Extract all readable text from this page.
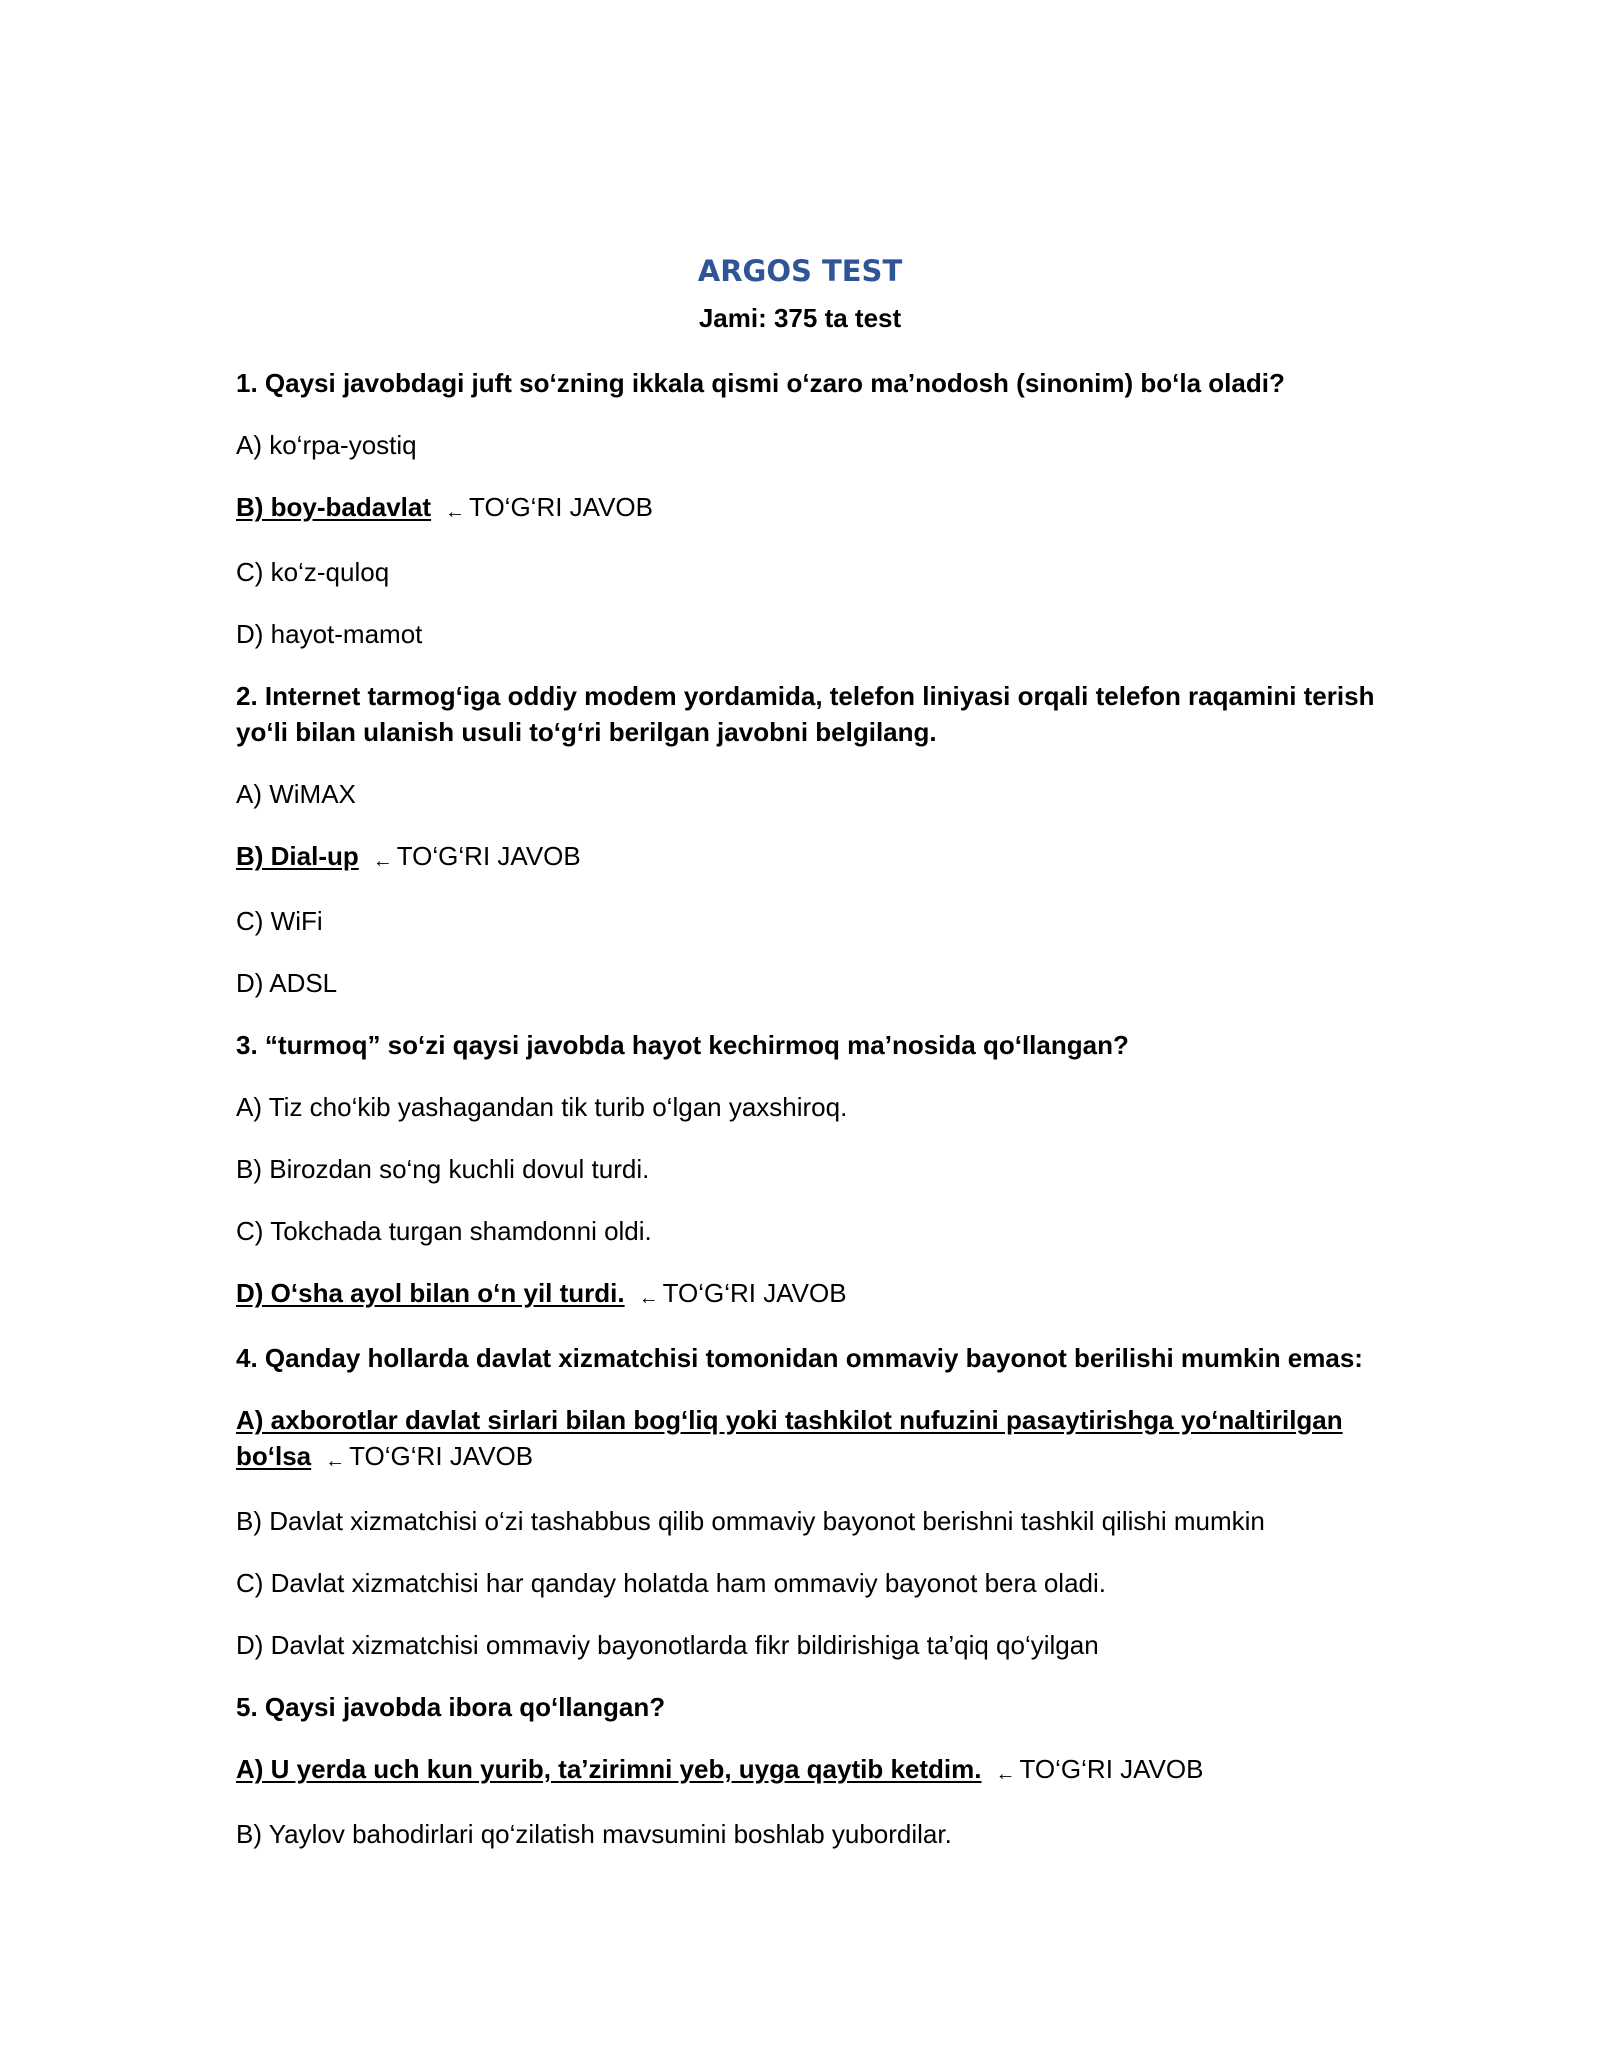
ARGOS TEST
Jami: 375 ta test
1. Qaysi javobdagi juft so‘zning ikkala qismi o‘zaro ma’nodosh (sinonim) bo‘la oladi?
A) ko‘rpa-yostiq
B) boy-badavlat ← TO‘G‘RI JAVOB
C) ko‘z-quloq
D) hayot-mamot
2. Internet tarmog‘iga oddiy modem yordamida, telefon liniyasi orqali telefon raqamini terish yo‘li bilan ulanish usuli to‘g‘ri berilgan javobni belgilang.
A) WiMAX
B) Dial-up ← TO‘G‘RI JAVOB
C) WiFi
D) ADSL
3. “turmoq” so‘zi qaysi javobda hayot kechirmoq ma’nosida qo‘llangan?
A) Tiz cho‘kib yashagandan tik turib o‘lgan yaxshiroq.
B) Birozdan so‘ng kuchli dovul turdi.
C) Tokchada turgan shamdonni oldi.
D) O‘sha ayol bilan o‘n yil turdi. ← TO‘G‘RI JAVOB
4. Qanday hollarda davlat xizmatchisi tomonidan ommaviy bayonot berilishi mumkin emas:
A) axborotlar davlat sirlari bilan bog‘liq yoki tashkilot nufuzini pasaytirishga yo‘naltirilgan bo‘lsa ← TO‘G‘RI JAVOB
B) Davlat xizmatchisi o‘zi tashabbus qilib ommaviy bayonot berishni tashkil qilishi mumkin
C) Davlat xizmatchisi har qanday holatda ham ommaviy bayonot bera oladi.
D) Davlat xizmatchisi ommaviy bayonotlarda fikr bildirishiga ta’qiq qo‘yilgan
5. Qaysi javobda ibora qo‘llangan?
A) U yerda uch kun yurib, ta’zirimni yeb, uyga qaytib ketdim. ← TO‘G‘RI JAVOB
B) Yaylov bahodirlari qo‘zilatish mavsumini boshlab yubordilar.
